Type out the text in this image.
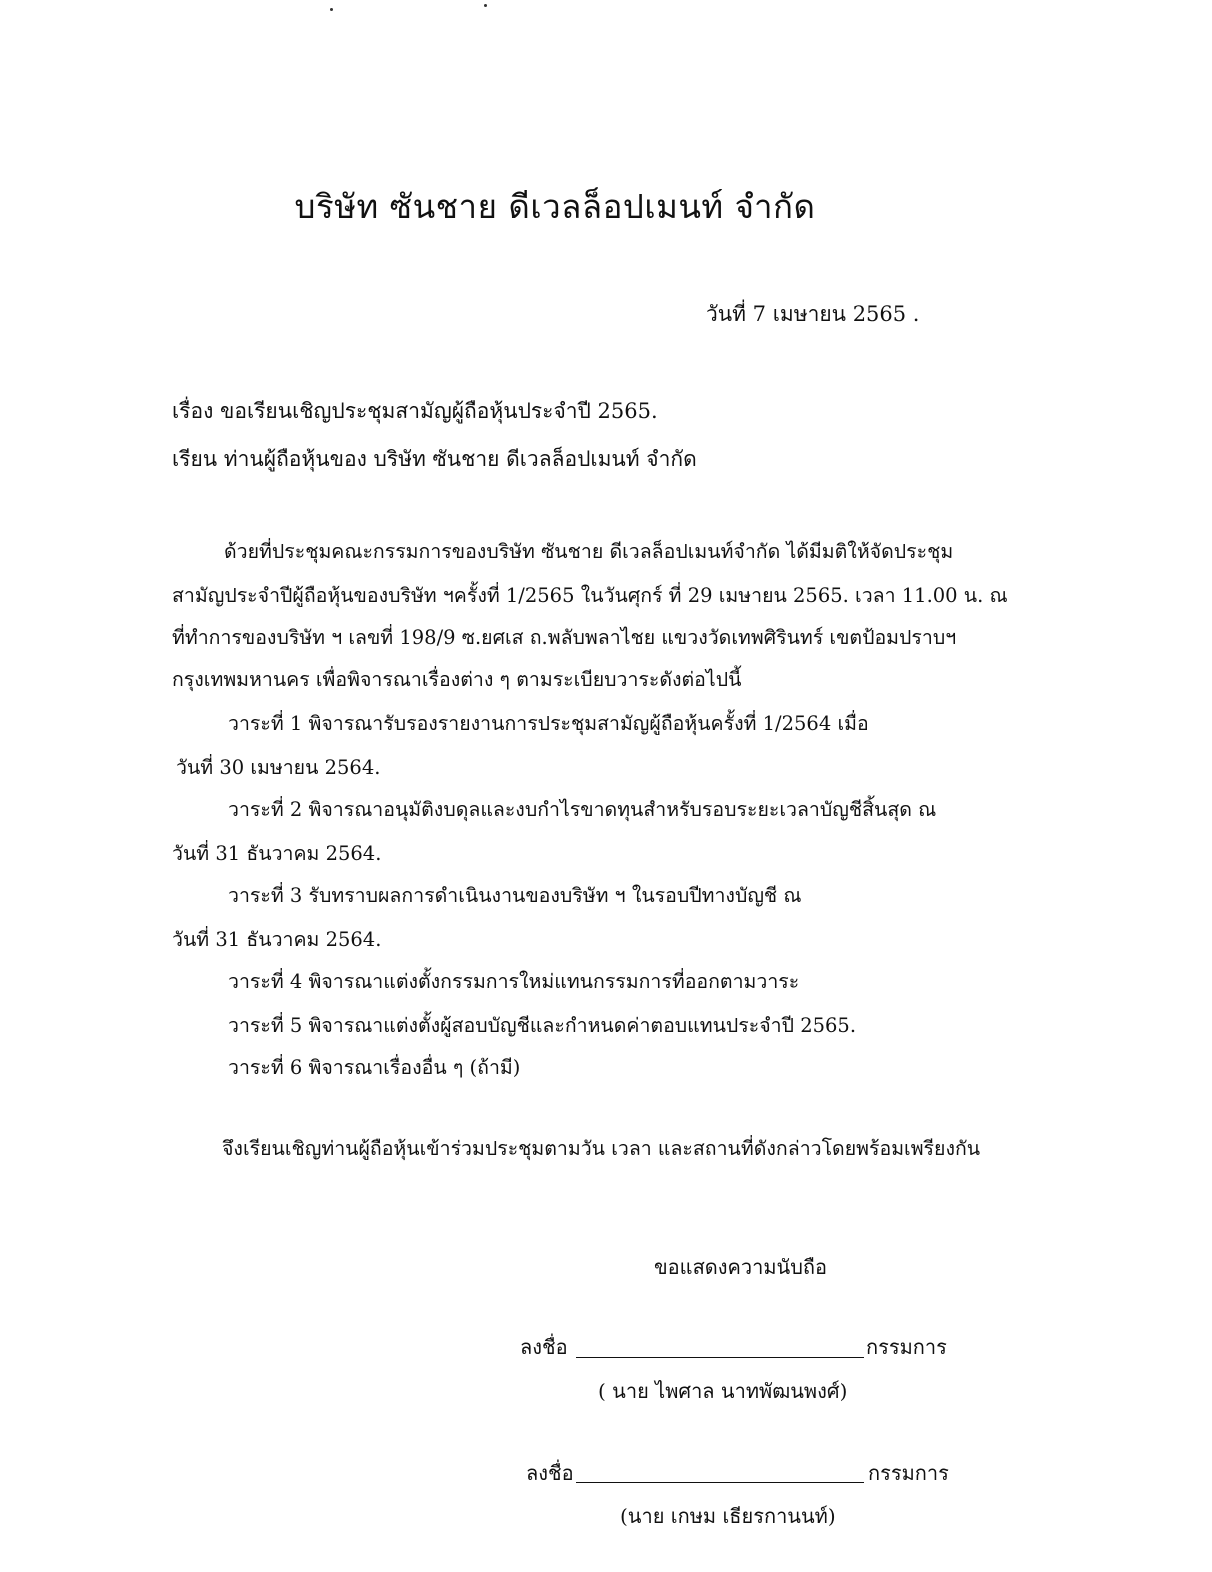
บริษัท ซันชาย ดีเวลล็อปเมนท์ จำกัด
วันที่ 7 เมษายน 2565 .
เรื่อง ขอเรียนเชิญประชุมสามัญผู้ถือหุ้นประจำปี 2565.
เรียน ท่านผู้ถือหุ้นของ บริษัท ซันชาย ดีเวลล็อปเมนท์ จำกัด
ด้วยที่ประชุมคณะกรรมการของบริษัท ซันชาย ดีเวลล็อปเมนท์จำกัด ได้มีมติให้จัดประชุม
สามัญประจำปีผู้ถือหุ้นของบริษัท ฯครั้งที่ 1/2565 ในวันศุกร์ ที่ 29 เมษายน 2565. เวลา 11.00 น. ณ
ที่ทำการของบริษัท ฯ เลขที่ 198/9 ซ.ยศเส ถ.พลับพลาไชย แขวงวัดเทพศิรินทร์ เขตป้อมปราบฯ
กรุงเทพมหานคร เพื่อพิจารณาเรื่องต่าง ๆ ตามระเบียบวาระดังต่อไปนี้
วาระที่ 1 พิจารณารับรองรายงานการประชุมสามัญผู้ถือหุ้นครั้งที่ 1/2564 เมื่อ
วันที่ 30 เมษายน 2564.
วาระที่ 2 พิจารณาอนุมัติงบดุลและงบกำไรขาดทุนสำหรับรอบระยะเวลาบัญชีสิ้นสุด ณ
วันที่ 31 ธันวาคม 2564.
วาระที่ 3 รับทราบผลการดำเนินงานของบริษัท ฯ ในรอบปีทางบัญชี ณ
วันที่ 31 ธันวาคม 2564.
วาระที่ 4 พิจารณาแต่งตั้งกรรมการใหม่แทนกรรมการที่ออกตามวาระ
วาระที่ 5 พิจารณาแต่งตั้งผู้สอบบัญชีและกำหนดค่าตอบแทนประจำปี 2565.
วาระที่ 6 พิจารณาเรื่องอื่น ๆ (ถ้ามี)
จึงเรียนเชิญท่านผู้ถือหุ้นเข้าร่วมประชุมตามวัน เวลา และสถานที่ดังกล่าวโดยพร้อมเพรียงกัน
ขอแสดงความนับถือ
ลงชื่อ	กรรมการ
( นาย ไพศาล นาทพัฒนพงศ์)
ลงชื่อ	กรรมการ
(นาย เกษม เธียรกานนท์)
